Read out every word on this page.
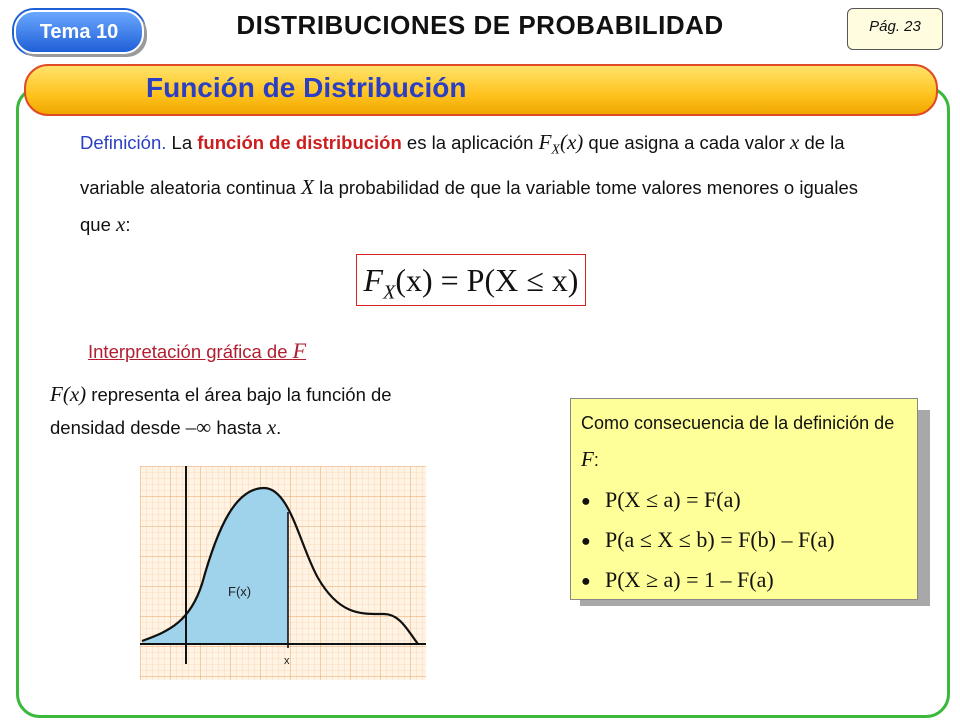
Tema 10	DISTRIBUCIONES DE PROBABILIDAD	Pág. 23
Función de Distribución
Definición. La función de distribución es la aplicación $F_X(x)$ que asigna a cada valor x de la variable aleatoria continua X la probabilidad de que la variable tome valores menores o iguales que x:
$F_X(x) = P(X \le x)$
Interpretación gráfica de F
F(x) representa el área bajo la función de densidad desde –∞ hasta x.
F(x)
x
Como consecuencia de la definición de F:
● P(X ≤ a) = F(a)
● P(a ≤ X ≤ b) = F(b) – F(a)
● P(X ≥ a) = 1 – F(a)
